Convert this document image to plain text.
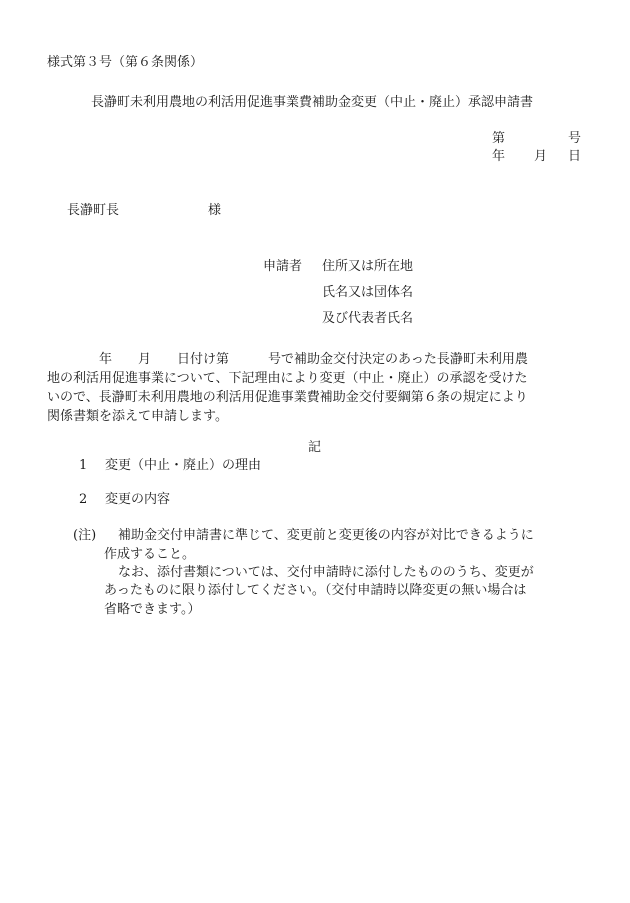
様式第３号（第６条関係）
長瀞町未利用農地の利活用促進事業費補助金変更（中止・廃止）承認申請書
第	号
年 月 日
長瀞町長	様
申請者 住所又は所在地
氏名又は団体名
及び代表者氏名
　　　　年　　月　　日付け第　　　号で補助金交付決定のあった長瀞町未利用農
地の利活用促進事業について、下記理由により変更（中止・廃止）の承認を受けた
いので、長瀞町未利用農地の利活用促進事業費補助金交付要綱第６条の規定により
関係書類を添えて申請します。
記
1 変更（中止・廃止）の理由
2 変更の内容
(注) 補助金交付申請書に準じて、変更前と変更後の内容が対比できるように
作成すること。
なお、添付書類については、交付申請時に添付したもののうち、変更が
あったものに限り添付してください。（交付申請時以降変更の無い場合は
省略できます。）
